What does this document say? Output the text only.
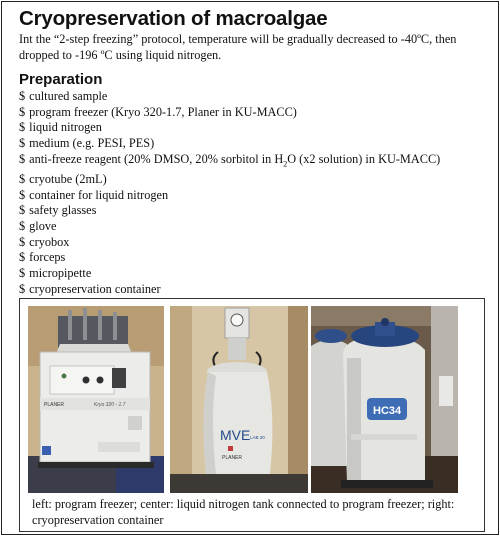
Cryopreservation of macroalgae

Int the “2-step freezing” protocol, temperature will be gradually decreased to -40ºC, then dropped to -196 ºC using liquid nitrogen.

Preparation
$ cultured sample
$ program freezer (Kryo 320-1.7, Planer in KU-MACC)
$ liquid nitrogen
$ medium (e.g. PESI, PES)
$ anti-freeze reagent (20% DMSO, 20% sorbitol in $H_2O$ (x2 solution) in KU-MACC)
$ cryotube (2mL)
$ container for liquid nitrogen
$ safety glasses
$ glove
$ cryobox
$ forceps
$ micropipette
$ cryopreservation container
PLANER	Kryo 320 - 1.7
MVE LAB 20
PLANER
HC34
left: program freezer; center: liquid nitrogen tank connected to program freezer; right: cryopreservation container
